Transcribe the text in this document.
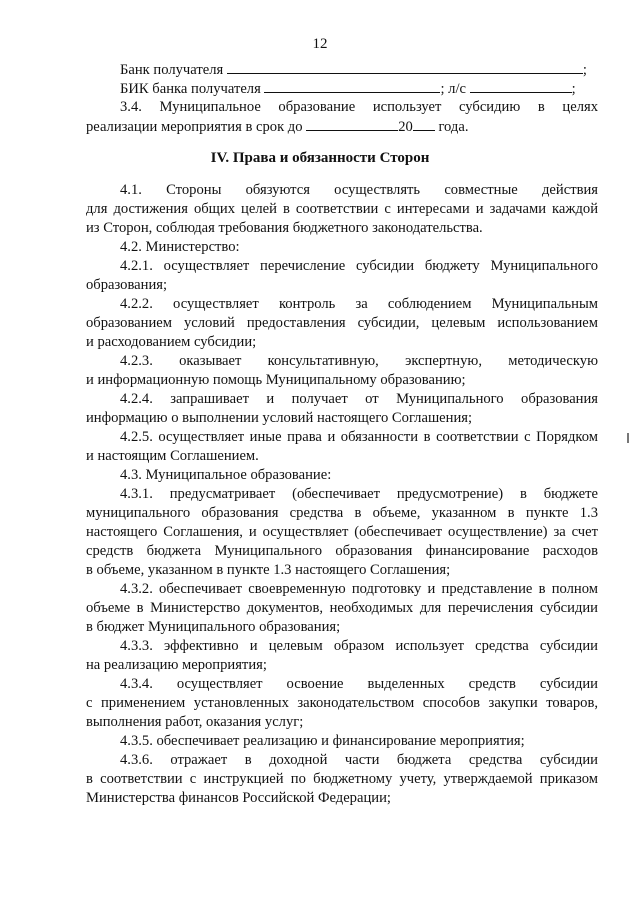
12
Банк получателя	;
БИК банка получателя	; л/с	;
3.4. Муниципальное образование использует субсидию в целях
реализации мероприятия в срок до	20 года.
IV. Права и обязанности Сторон
4.1. Стороны обязуются осуществлять совместные действия
для достижения общих целей в соответствии с интересами и задачами каждой
из Сторон, соблюдая требования бюджетного законодательства.
4.2. Министерство:
4.2.1. осуществляет перечисление субсидии бюджету Муниципального
образования;
4.2.2. осуществляет контроль за соблюдением Муниципальным
образованием условий предоставления субсидии, целевым использованием
и расходованием субсидии;
4.2.3. оказывает консультативную, экспертную, методическую
и информационную помощь Муниципальному образованию;
4.2.4. запрашивает и получает от Муниципального образования
информацию о выполнении условий настоящего Соглашения;
4.2.5. осуществляет иные права и обязанности в соответствии с Порядком
и настоящим Соглашением.
4.3. Муниципальное образование:
4.3.1. предусматривает (обеспечивает предусмотрение) в бюджете
муниципального образования средства в объеме, указанном в пункте 1.3
настоящего Соглашения, и осуществляет (обеспечивает осуществление) за счет
средств бюджета Муниципального образования финансирование расходов
в объеме, указанном в пункте 1.3 настоящего Соглашения;
4.3.2. обеспечивает своевременную подготовку и представление в полном
объеме в Министерство документов, необходимых для перечисления субсидии
в бюджет Муниципального образования;
4.3.3. эффективно и целевым образом использует средства субсидии
на реализацию мероприятия;
4.3.4. осуществляет освоение выделенных средств субсидии
с применением установленных законодательством способов закупки товаров,
выполнения работ, оказания услуг;
4.3.5. обеспечивает реализацию и финансирование мероприятия;
4.3.6. отражает в доходной части бюджета средства субсидии
в соответствии с инструкцией по бюджетному учету, утверждаемой приказом
Министерства финансов Российской Федерации;
